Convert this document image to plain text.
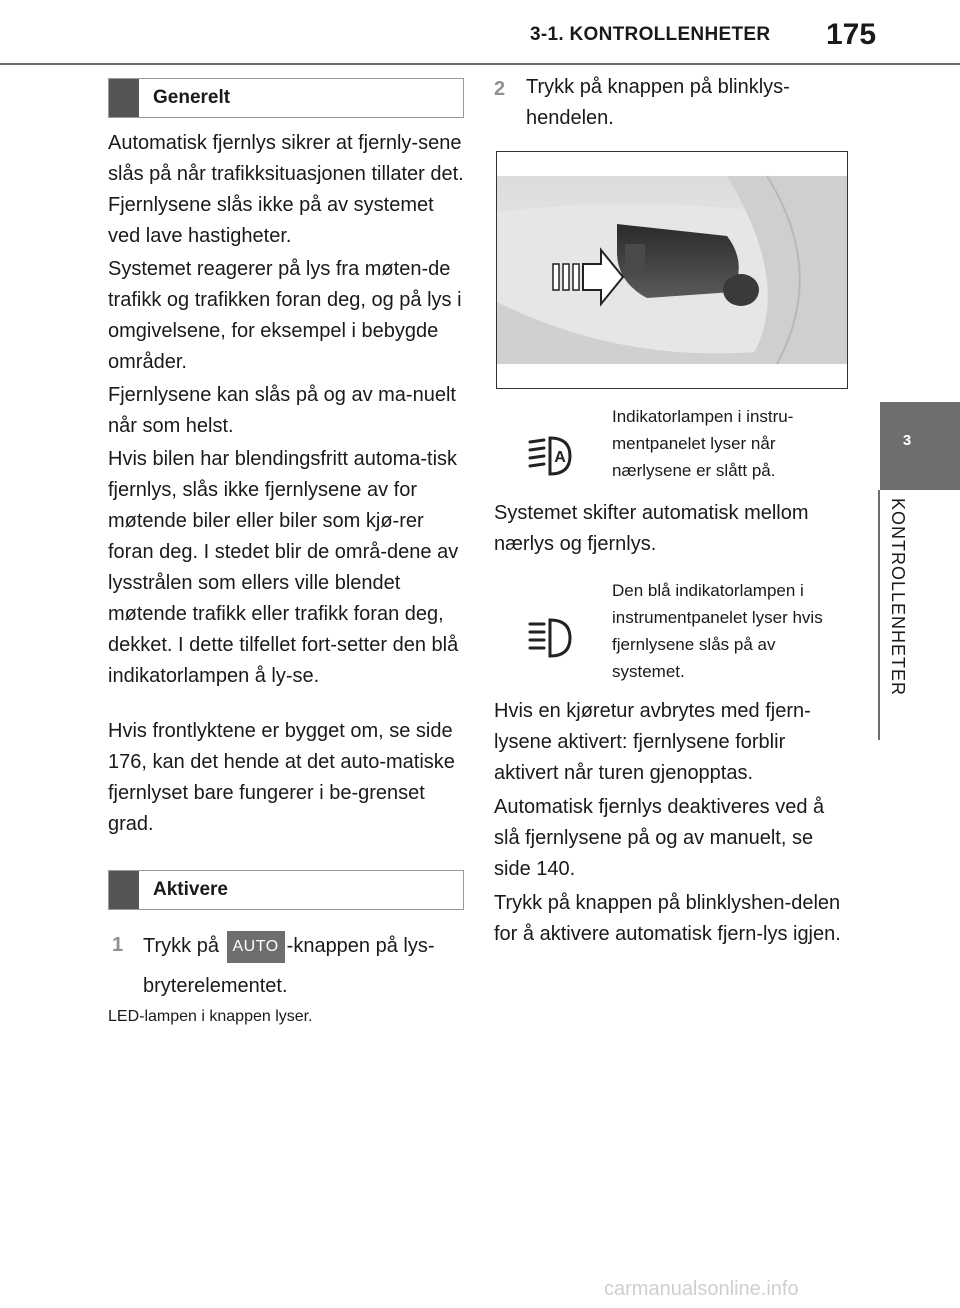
3-1. KONTROLLENHETER 175
3
KONTROLLENHETER
Generelt
Automatisk fjernlys sikrer at fjernly-sene slås på når trafikksituasjonen tillater det. Fjernlysene slås ikke på av systemet ved lave hastigheter.
Systemet reagerer på lys fra møten-de trafikk og trafikken foran deg, og på lys i omgivelsene, for eksempel i bebygde områder.
Fjernlysene kan slås på og av ma-nuelt når som helst.
Hvis bilen har blendingsfritt automa-tisk fjernlys, slås ikke fjernlysene av for møtende biler eller biler som kjø-rer foran deg. I stedet blir de områ-dene av lysstrålen som ellers ville blendet møtende trafikk eller trafikk foran deg, dekket. I dette tilfellet fort-setter den blå indikatorlampen å ly-se.
Hvis frontlyktene er bygget om, se side 176, kan det hende at det auto-matiske fjernlyset bare fungerer i be-grenset grad.
Aktivere
1 Trykk på AUTO -knappen på lys-bryterelementet.
LED-lampen i knappen lyser.
2 Trykk på knappen på blinklys-hendelen.
A
Indikatorlampen i instru-mentpanelet lyser når nærlysene er slått på.
Systemet skifter automatisk mellom nærlys og fjernlys.
Den blå indikatorlampen i instrumentpanelet lyser hvis fjernlysene slås på av systemet.
Hvis en kjøretur avbrytes med fjern-lysene aktivert: fjernlysene forblir aktivert når turen gjenopptas.
Automatisk fjernlys deaktiveres ved å slå fjernlysene på og av manuelt, se side 140.
Trykk på knappen på blinklyshen-delen for å aktivere automatisk fjern-lys igjen.
carmanualsonline.info
